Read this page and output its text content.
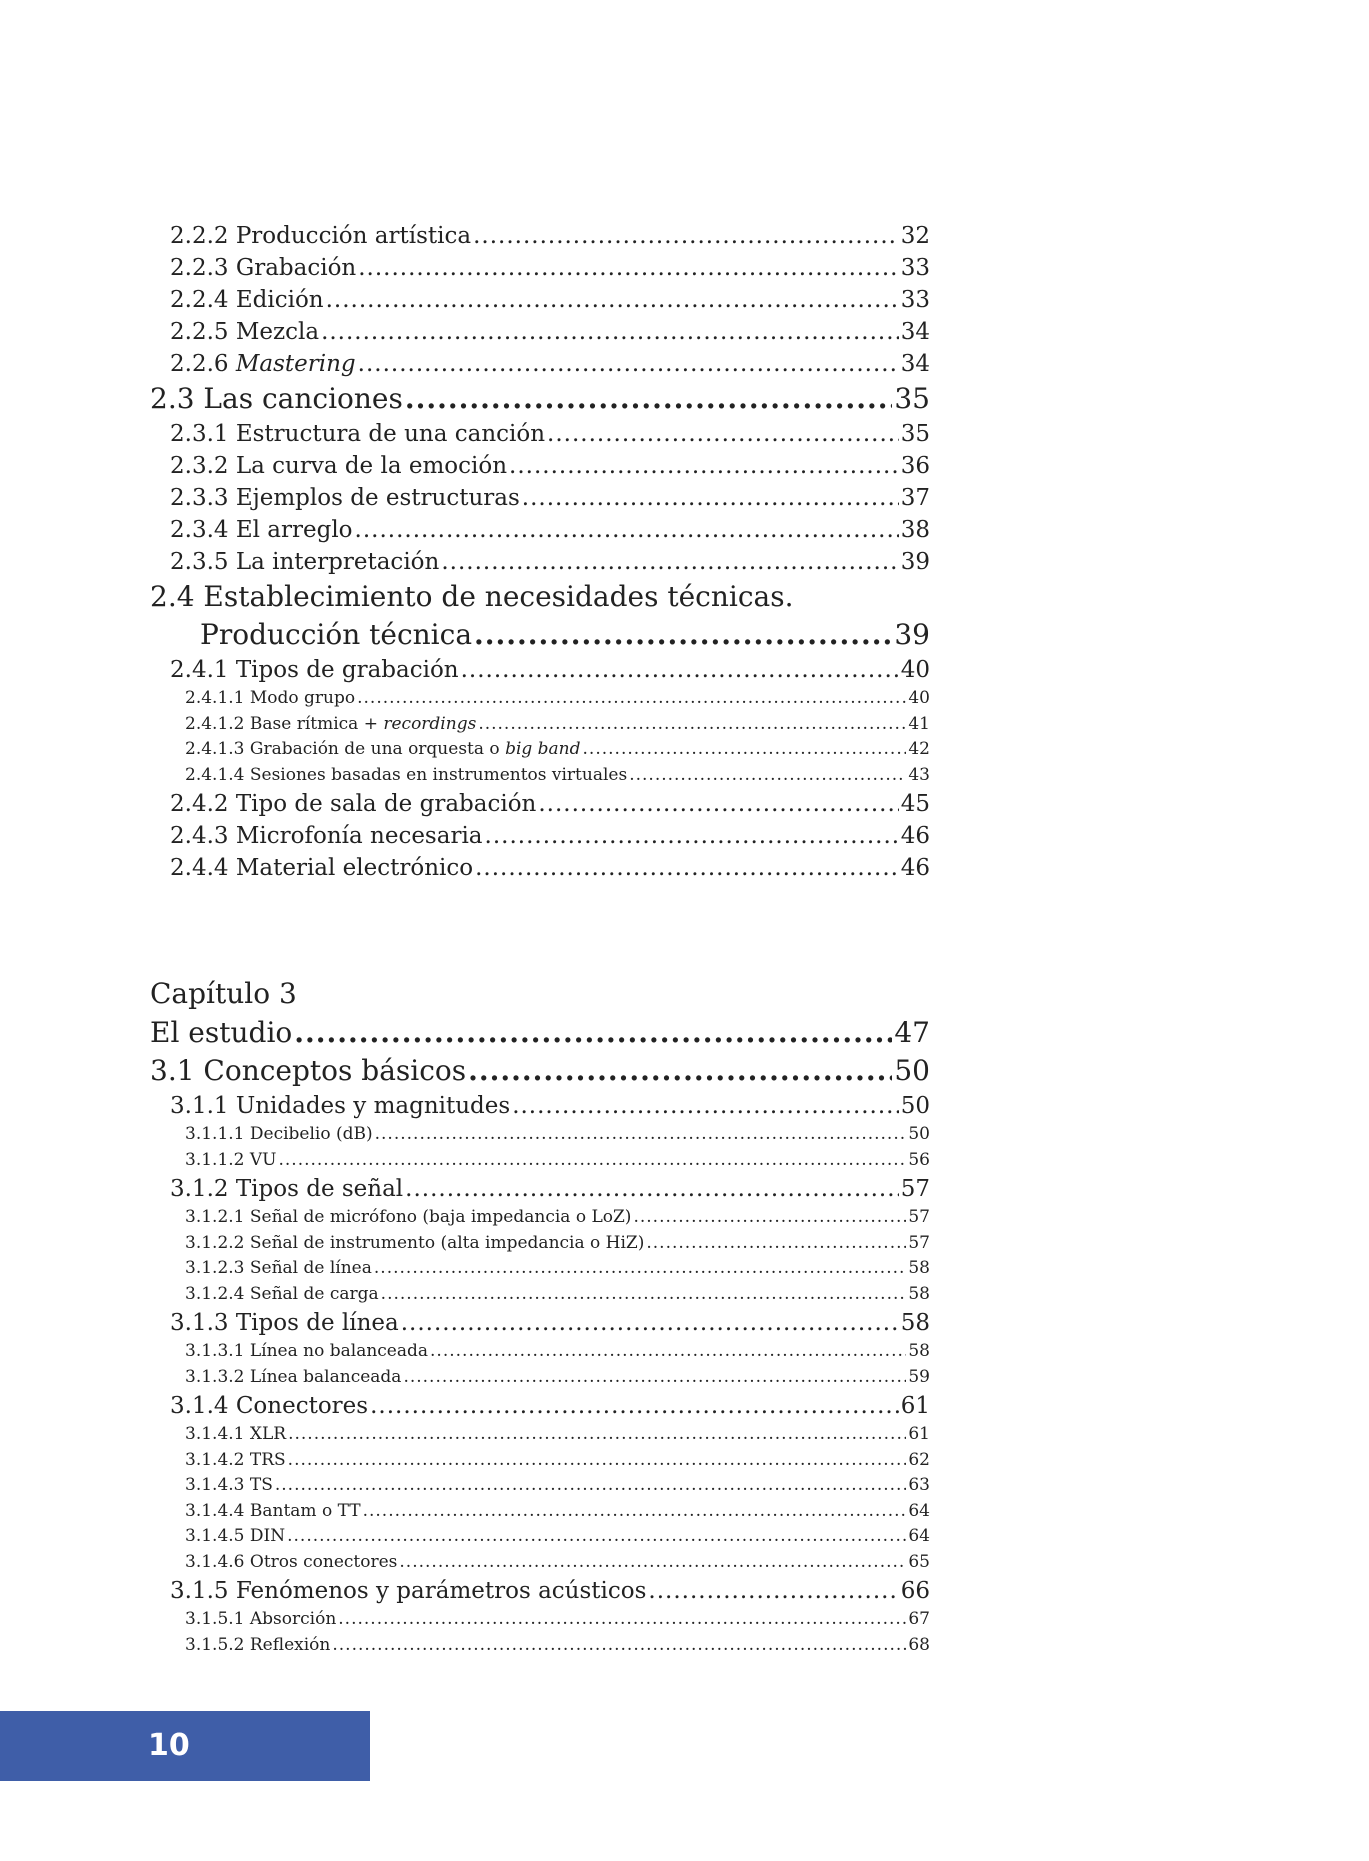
2.2.2 Producción artística .....	32
2.2.3 Grabación .....	33
2.2.4 Edición .....	33
2.2.5 Mezcla .....	34
2.2.6 Mastering .....	34
2.3 Las canciones .....	35
2.3.1 Estructura de una canción .....	35
2.3.2 La curva de la emoción .....	36
2.3.3 Ejemplos de estructuras .....	37
2.3.4 El arreglo .....	38
2.3.5 La interpretación .....	39
2.4 Establecimiento de necesidades técnicas.
Producción técnica .....	39
2.4.1 Tipos de grabación .....	40
2.4.1.1 Modo grupo .....	40
2.4.1.2 Base rítmica + recordings .....	41
2.4.1.3 Grabación de una orquesta o big band .....	42
2.4.1.4 Sesiones basadas en instrumentos virtuales .....	43
2.4.2 Tipo de sala de grabación .....	45
2.4.3 Microfonía necesaria .....	46
2.4.4 Material electrónico .....	46
Capítulo 3
El estudio .....	47
3.1 Conceptos básicos .....	50
3.1.1 Unidades y magnitudes .....	50
3.1.1.1 Decibelio (dB) .....	50
3.1.1.2 VU .....	56
3.1.2 Tipos de señal .....	57
3.1.2.1 Señal de micrófono (baja impedancia o LoZ) .....	57
3.1.2.2 Señal de instrumento (alta impedancia o HiZ) .....	57
3.1.2.3 Señal de línea .....	58
3.1.2.4 Señal de carga .....	58
3.1.3 Tipos de línea .....	58
3.1.3.1 Línea no balanceada .....	58
3.1.3.2 Línea balanceada .....	59
3.1.4 Conectores .....	61
3.1.4.1 XLR .....	61
3.1.4.2 TRS .....	62
3.1.4.3 TS .....	63
3.1.4.4 Bantam o TT .....	64
3.1.4.5 DIN .....	64
3.1.4.6 Otros conectores .....	65
3.1.5 Fenómenos y parámetros acústicos .....	66
3.1.5.1 Absorción .....	67
3.1.5.2 Reflexión .....	68
10
